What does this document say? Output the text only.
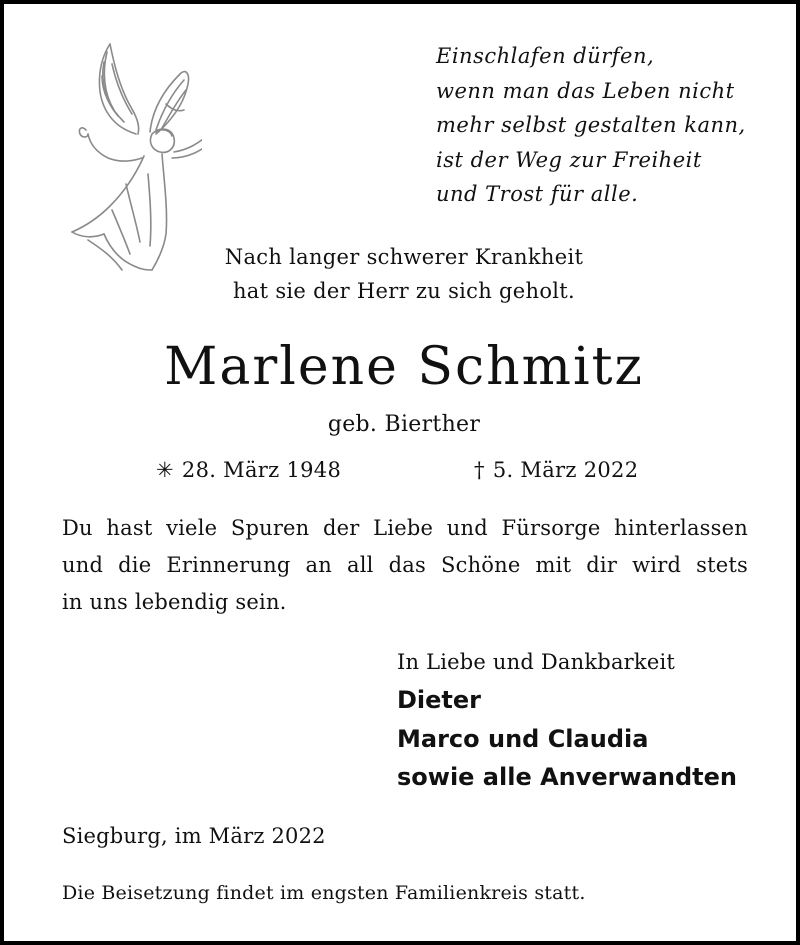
Einschlafen dürfen,
wenn man das Leben nicht
mehr selbst gestalten kann,
ist der Weg zur Freiheit
und Trost für alle.
Nach langer schwerer Krankheit
hat sie der Herr zu sich geholt.
Marlene Schmitz
geb. Bierther
✳ 28. März 1948	† 5. März 2022
Du hast viele Spuren der Liebe und Fürsorge hinterlassen
und die Erinnerung an all das Schöne mit dir wird stets
in uns lebendig sein.
In Liebe und Dankbarkeit
Dieter
Marco und Claudia
sowie alle Anverwandten
Siegburg, im März 2022
Die Beisetzung findet im engsten Familienkreis statt.
